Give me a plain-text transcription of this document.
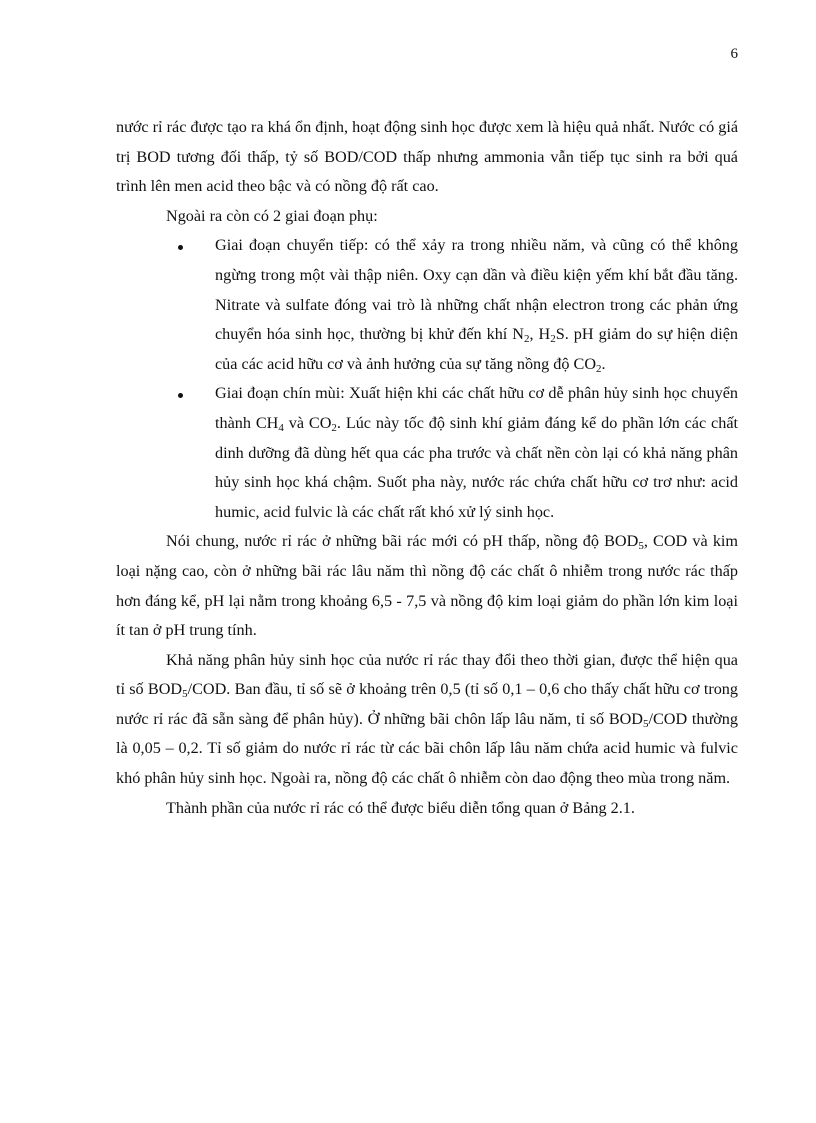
6

nước rỉ rác được tạo ra khá ổn định, hoạt động sinh học được xem là hiệu quả nhất. Nước có giá trị BOD tương đối thấp, tỷ số BOD/COD thấp nhưng ammonia vẫn tiếp tục sinh ra bởi quá trình lên men acid theo bậc và có nồng độ rất cao.

Ngoài ra còn có 2 giai đoạn phụ:

Giai đoạn chuyển tiếp: có thể xảy ra trong nhiều năm, và cũng có thể không ngừng trong một vài thập niên. Oxy cạn dần và điều kiện yếm khí bắt đầu tăng. Nitrate và sulfate đóng vai trò là những chất nhận electron trong các phản ứng chuyển hóa sinh học, thường bị khử đến khí $N_2$, $H_2S$. pH giảm do sự hiện diện của các acid hữu cơ và ảnh hưởng của sự tăng nồng độ $CO_2$.
Giai đoạn chín mùi: Xuất hiện khi các chất hữu cơ dễ phân hủy sinh học chuyển thành $CH_4$ và $CO_2$. Lúc này tốc độ sinh khí giảm đáng kể do phần lớn các chất dinh dưỡng đã dùng hết qua các pha trước và chất nền còn lại có khả năng phân hủy sinh học khá chậm. Suốt pha này, nước rác chứa chất hữu cơ trơ như: acid humic, acid fulvic là các chất rất khó xử lý sinh học.

Nói chung, nước rỉ rác ở những bãi rác mới có pH thấp, nồng độ $BOD_5$, COD và kim loại nặng cao, còn ở những bãi rác lâu năm thì nồng độ các chất ô nhiễm trong nước rác thấp hơn đáng kể, pH lại nằm trong khoảng 6,5 - 7,5 và nồng độ kim loại giảm do phần lớn kim loại ít tan ở pH trung tính.

Khả năng phân hủy sinh học của nước rỉ rác thay đổi theo thời gian, được thể hiện qua tỉ số $BOD_5$/COD. Ban đầu, tỉ số sẽ ở khoảng trên 0,5 (tỉ số 0,1 – 0,6 cho thấy chất hữu cơ trong nước rỉ rác đã sẵn sàng để phân hủy). Ở những bãi chôn lấp lâu năm, tỉ số $BOD_5$/COD thường là 0,05 – 0,2. Tỉ số giảm do nước rỉ rác từ các bãi chôn lấp lâu năm chứa acid humic và fulvic khó phân hủy sinh học. Ngoài ra, nồng độ các chất ô nhiễm còn dao động theo mùa trong năm.

Thành phần của nước rỉ rác có thể được biểu diễn tổng quan ở Bảng 2.1.
